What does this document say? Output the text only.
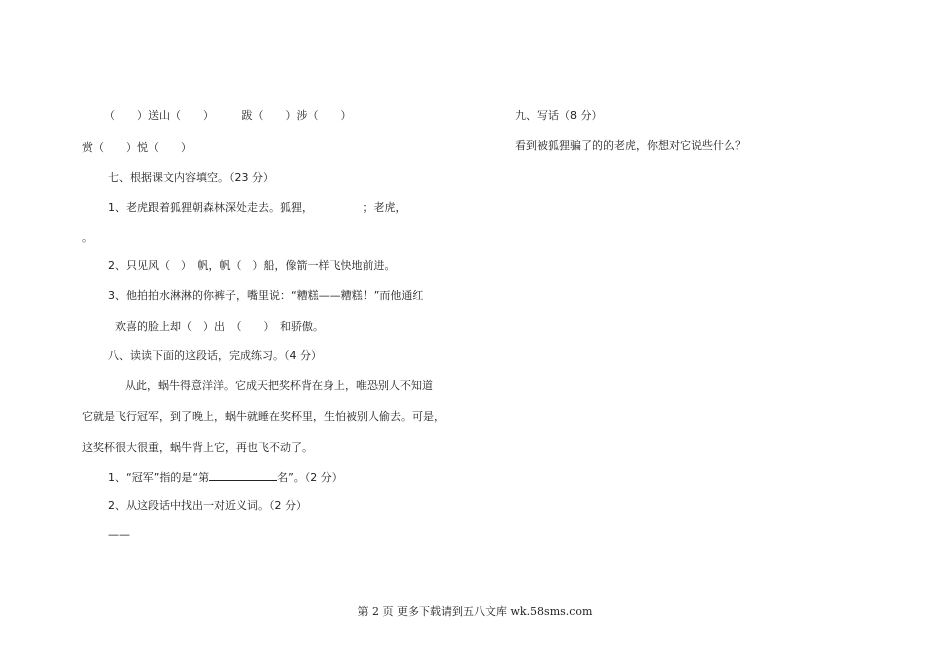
（　　）送山（　　）　　　跋（　　）涉（　　）
赏（　　）悦（　　）
七、根据课文内容填空。（23 分）
1、老虎跟着狐狸朝森林深处走去。狐狸，　　　　　；老虎，
。
2、只见风（　）　帆，帆（　）船，像箭一样飞快地前进。
3、他拍拍水淋淋的你裤子，嘴里说：“糟糕——糟糕！”而他通红
欢喜的脸上却（　）出　（　　）　和骄傲。
八、读读下面的这段话，完成练习。（4 分）
从此，蜗牛得意洋洋。它成天把奖杯背在身上，唯恐别人不知道
它就是飞行冠军，到了晚上，蜗牛就睡在奖杯里，生怕被别人偷去。可是，
这奖杯很大很重，蜗牛背上它，再也飞不动了。
1、“冠军”指的是“第	名”。（2 分）
2、从这段话中找出一对近义词。（2 分）
——
九、写话（8 分）
看到被狐狸骗了的的老虎，你想对它说些什么？
第 2 页 更多下载请到五八文库 wk.58sms.com
